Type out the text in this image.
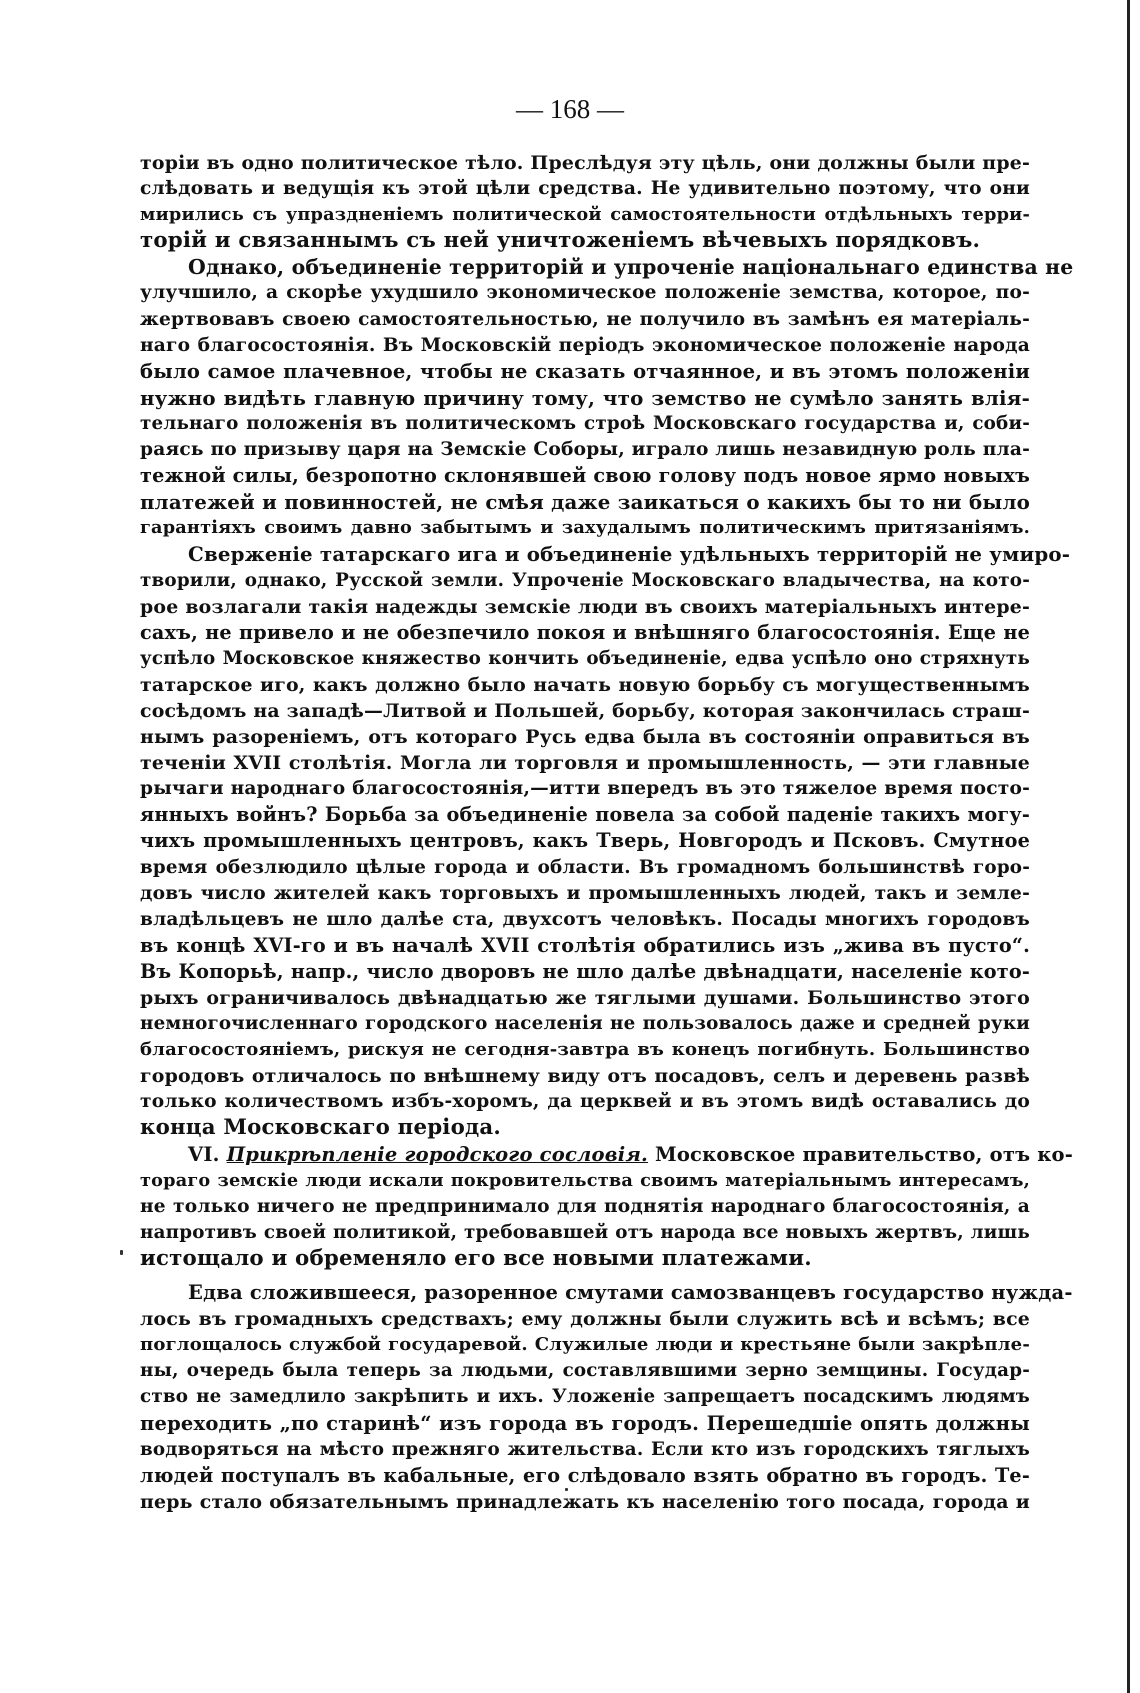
— 168 —
торіи въ одно политическое тѣло. Преслѣдуя эту цѣль, они должны были пре-
слѣдовать и ведущія къ этой цѣли средства. Не удивительно поэтому, что они
мирились съ упраздненіемъ политической самостоятельности отдѣльныхъ терри-
торій и связаннымъ съ ней уничтоженіемъ вѣчевыхъ порядковъ.
Однако, объединеніе территорій и упроченіе національнаго единства не
улучшило, а скорѣе ухудшило экономическое положеніе земства, которое, по-
жертвовавъ своею самостоятельностью, не получило въ замѣнъ ея матеріаль-
наго благосостоянія. Въ Московскій періодъ экономическое положеніе народа
было самое плачевное, чтобы не сказать отчаянное, и въ этомъ положеніи
нужно видѣть главную причину тому, что земство не сумѣло занять влія-
тельнаго положенія въ политическомъ строѣ Московскаго государства и, соби-
раясь по призыву царя на Земскіе Соборы, играло лишь незавидную роль пла-
тежной силы, безропотно склонявшей свою голову подъ новое ярмо новыхъ
платежей и повинностей, не смѣя даже заикаться о какихъ бы то ни было
гарантіяхъ своимъ давно забытымъ и захудалымъ политическимъ притязаніямъ.
Сверженіе татарскаго ига и объединеніе удѣльныхъ территорій не умиро-
творили, однако, Русской земли. Упроченіе Московскаго владычества, на кото-
рое возлагали такія надежды земскіе люди въ своихъ матеріальныхъ интере-
сахъ, не привело и не обезпечило покоя и внѣшняго благосостоянія. Еще не
успѣло Московское княжество кончить объединеніе, едва успѣло оно стряхнуть
татарское иго, какъ должно было начать новую борьбу съ могущественнымъ
сосѣдомъ на западѣ—Литвой и Польшей, борьбу, которая закончилась страш-
нымъ разореніемъ, отъ котораго Русь едва была въ состояніи оправиться въ
теченіи XVII столѣтія. Могла ли торговля и промышленность, — эти главные
рычаги народнаго благосостоянія,—итти впередъ въ это тяжелое время посто-
янныхъ войнъ? Борьба за объединеніе повела за собой паденіе такихъ могу-
чихъ промышленныхъ центровъ, какъ Тверь, Новгородъ и Псковъ. Смутное
время обезлюдило цѣлые города и области. Въ громадномъ большинствѣ горо-
довъ число жителей какъ торговыхъ и промышленныхъ людей, такъ и земле-
владѣльцевъ не шло далѣе ста, двухсотъ человѣкъ. Посады многихъ городовъ
въ концѣ XVI-го и въ началѣ XVII столѣтія обратились изъ „жива въ пусто“.
Въ Копорьѣ, напр., число дворовъ не шло далѣе двѣнадцати, населеніе кото-
рыхъ ограничивалось двѣнадцатью же тяглыми душами. Большинство этого
немногочисленнаго городского населенія не пользовалось даже и средней руки
благосостояніемъ, рискуя не сегодня-завтра въ конецъ погибнуть. Большинство
городовъ отличалось по внѣшнему виду отъ посадовъ, селъ и деревень развѣ
только количествомъ избъ-хоромъ, да церквей и въ этомъ видѣ оставались до
конца Московскаго періода.
VI. Прикрѣпленіе городского сословія. Московское правительство, отъ ко-
тораго земскіе люди искали покровительства своимъ матеріальнымъ интересамъ,
не только ничего не предпринимало для поднятія народнаго благосостоянія, а
напротивъ своей политикой, требовавшей отъ народа все новыхъ жертвъ, лишь
истощало и обременяло его все новыми платежами.
Едва сложившееся, разоренное смутами самозванцевъ государство нужда-
лось въ громадныхъ средствахъ; ему должны были служить всѣ и всѣмъ; все
поглощалось службой государевой. Служилые люди и крестьяне были закрѣпле-
ны, очередь была теперь за людьми, составлявшими зерно земщины. Государ-
ство не замедлило закрѣпить и ихъ. Уложеніе запрещаетъ посадскимъ людямъ
переходить „по старинѣ“ изъ города въ городъ. Перешедшіе опять должны
водворяться на мѣсто прежняго жительства. Если кто изъ городскихъ тяглыхъ
людей поступалъ въ кабальные, его слѣдовало взять обратно въ городъ. Те-
перь стало обязательнымъ принадлежать къ населенію того посада, города и
